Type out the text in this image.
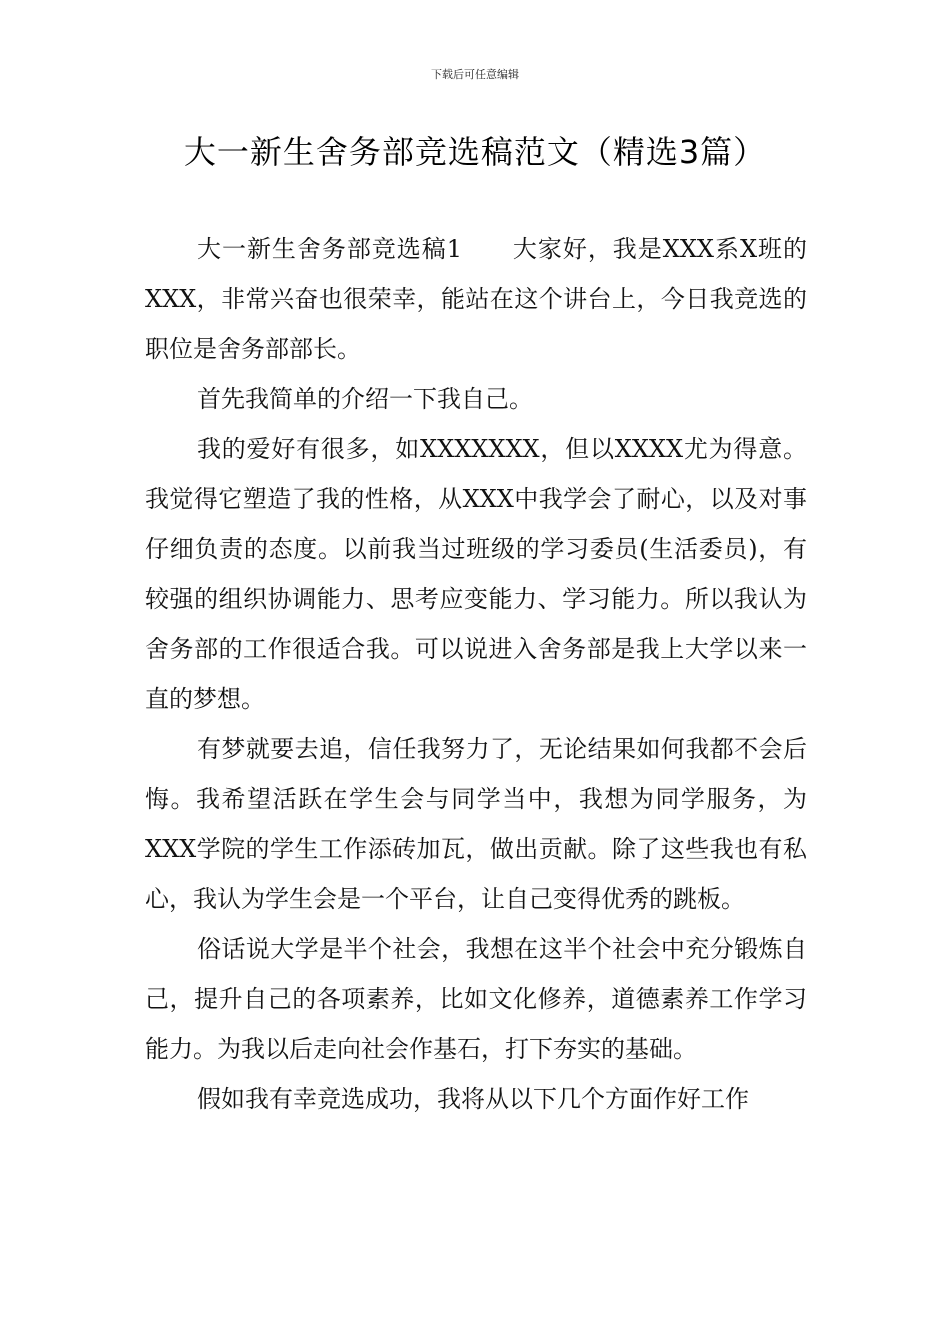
下载后可任意编辑
大一新生舍务部竞选稿范文（精选3篇）

大一新生舍务部竞选稿1　　大家好，我是XXX系X班的XXX，非常兴奋也很荣幸，能站在这个讲台上，今日我竞选的职位是舍务部部长。

首先我简单的介绍一下我自己。

我的爱好有很多，如XXXXXXX，但以XXXX尤为得意。我觉得它塑造了我的性格，从XXX中我学会了耐心，以及对事仔细负责的态度。以前我当过班级的学习委员(生活委员)，有较强的组织协调能力、思考应变能力、学习能力。所以我认为舍务部的工作很适合我。可以说进入舍务部是我上大学以来一直的梦想。

有梦就要去追，信任我努力了，无论结果如何我都不会后悔。我希望活跃在学生会与同学当中，我想为同学服务，为XXX学院的学生工作添砖加瓦，做出贡献。除了这些我也有私心，我认为学生会是一个平台，让自己变得优秀的跳板。

俗话说大学是半个社会，我想在这半个社会中充分锻炼自己，提升自己的各项素养，比如文化修养，道德素养工作学习能力。为我以后走向社会作基石，打下夯实的基础。

假如我有幸竞选成功，我将从以下几个方面作好工作
